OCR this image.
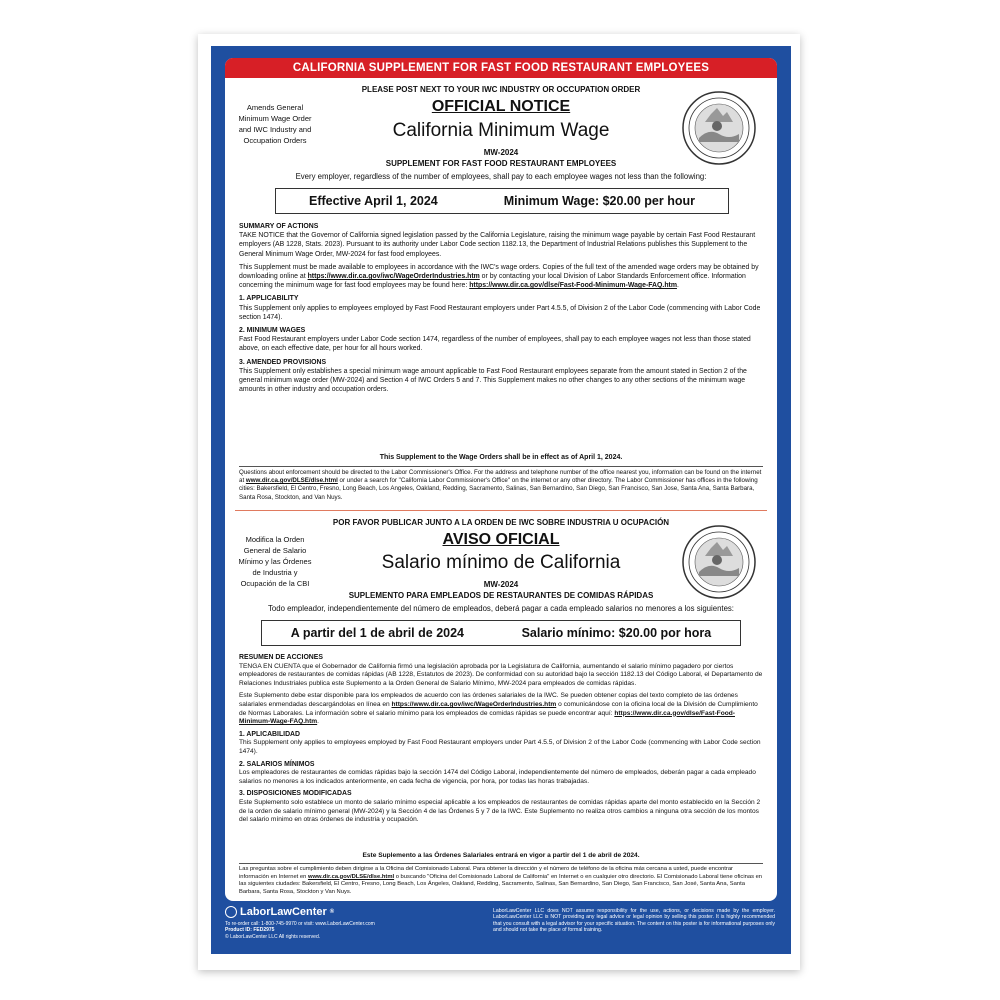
CALIFORNIA SUPPLEMENT FOR FAST FOOD RESTAURANT EMPLOYEES
PLEASE POST NEXT TO YOUR IWC INDUSTRY OR OCCUPATION ORDER
Amends General Minimum Wage Order and IWC Industry and Occupation Orders
OFFICIAL NOTICE
California Minimum Wage
MW-2024
SUPPLEMENT FOR FAST FOOD RESTAURANT EMPLOYEES
Every employer, regardless of the number of employees, shall pay to each employee wages not less than the following:
Effective April 1, 2024	Minimum Wage: $20.00 per hour
SUMMARY OF ACTIONS

TAKE NOTICE that the Governor of California signed legislation passed by the California Legislature, raising the minimum wage payable by certain Fast Food Restaurant employers (AB 1228, Stats. 2023). Pursuant to its authority under Labor Code section 1182.13, the Department of Industrial Relations publishes this Supplement to the General Minimum Wage Order, MW-2024 for fast food employees.

This Supplement must be made available to employees in accordance with the IWC's wage orders. Copies of the full text of the amended wage orders may be obtained by downloading online at https://www.dir.ca.gov/iwc/WageOrderIndustries.htm or by contacting your local Division of Labor Standards Enforcement office. Information concerning the minimum wage for fast food employees may be found here: https://www.dir.ca.gov/dlse/Fast-Food-Minimum-Wage-FAQ.htm.

1. APPLICABILITY

This Supplement only applies to employees employed by Fast Food Restaurant employers under Part 4.5.5, of Division 2 of the Labor Code (commencing with Labor Code section 1474).

2. MINIMUM WAGES

Fast Food Restaurant employers under Labor Code section 1474, regardless of the number of employees, shall pay to each employee wages not less than those stated above, on each effective date, per hour for all hours worked.

3. AMENDED PROVISIONS

This Supplement only establishes a special minimum wage amount applicable to Fast Food Restaurant employees separate from the amount stated in Section 2 of the general minimum wage order (MW-2024) and Section 4 of IWC Orders 5 and 7. This Supplement makes no other changes to any other sections of the minimum wage amounts in other industry and occupation orders.

This Supplement to the Wage Orders shall be in effect as of April 1, 2024.
Questions about enforcement should be directed to the Labor Commissioner's Office. For the address and telephone number of the office nearest you, information can be found on the internet at www.dir.ca.gov/DLSE/dlse.html or under a search for "California Labor Commissioner's Office" on the internet or any other directory. The Labor Commissioner has offices in the following cities: Bakersfield, El Centro, Fresno, Long Beach, Los Angeles, Oakland, Redding, Sacramento, Salinas, San Bernardino, San Diego, San Francisco, San Jose, Santa Ana, Santa Barbara, Santa Rosa, Stockton, and Van Nuys.
POR FAVOR PUBLICAR JUNTO A LA ORDEN DE IWC SOBRE INDUSTRIA U OCUPACIÓN
Modifica la Orden General de Salario Mínimo y las Órdenes de Industria y Ocupación de la CBI
AVISO OFICIAL
Salario mínimo de California
MW-2024
SUPLEMENTO PARA EMPLEADOS DE RESTAURANTES DE COMIDAS RÁPIDAS
Todo empleador, independientemente del número de empleados, deberá pagar a cada empleado salarios no menores a los siguientes:
A partir del 1 de abril de 2024	Salario mínimo: $20.00 por hora
RESUMEN DE ACCIONES

TENGA EN CUENTA que el Gobernador de California firmó una legislación aprobada por la Legislatura de California, aumentando el salario mínimo pagadero por ciertos empleadores de restaurantes de comidas rápidas (AB 1228, Estatutos de 2023). De conformidad con su autoridad bajo la sección 1182.13 del Código Laboral, el Departamento de Relaciones Industriales publica este Suplemento a la Orden General de Salario Mínimo, MW-2024 para empleados de comidas rápidas.

Este Suplemento debe estar disponible para los empleados de acuerdo con las órdenes salariales de la IWC. Se pueden obtener copias del texto completo de las órdenes salariales enmendadas descargándolas en línea en https://www.dir.ca.gov/iwc/WageOrderIndustries.htm o comunicándose con la oficina local de la División de Cumplimiento de Normas Laborales. La información sobre el salario mínimo para los empleados de comidas rápidas se puede encontrar aquí: https://www.dir.ca.gov/dlse/Fast-Food-Minimum-Wage-FAQ.htm.

1. APLICABILIDAD

This Supplement only applies to employees employed by Fast Food Restaurant employers under Part 4.5.5, of Division 2 of the Labor Code (commencing with Labor Code section 1474).

2. SALARIOS MÍNIMOS

Los empleadores de restaurantes de comidas rápidas bajo la sección 1474 del Código Laboral, independientemente del número de empleados, deberán pagar a cada empleado salarios no menores a los indicados anteriormente, en cada fecha de vigencia, por hora, por todas las horas trabajadas.

3. DISPOSICIONES MODIFICADAS

Este Suplemento solo establece un monto de salario mínimo especial aplicable a los empleados de restaurantes de comidas rápidas aparte del monto establecido en la Sección 2 de la orden de salario mínimo general (MW-2024) y la Sección 4 de las Órdenes 5 y 7 de la IWC. Este Suplemento no realiza otros cambios a ninguna otra sección de los montos del salario mínimo en otras órdenes de industria y ocupación.

Este Suplemento a las Órdenes Salariales entrará en vigor a partir del 1 de abril de 2024.
Las preguntas sobre el cumplimiento deben dirigirse a la Oficina del Comisionado Laboral. Para obtener la dirección y el número de teléfono de la oficina más cercana a usted, puede encontrar información en Internet en www.dir.ca.gov/DLSE/dlse.html o buscando "Oficina del Comisionado Laboral de California" en Internet o en cualquier otro directorio. El Comisionado Laboral tiene oficinas en las siguientes ciudades: Bakersfield, El Centro, Fresno, Long Beach, Los Ángeles, Oakland, Redding, Sacramento, Salinas, San Bernardino, San Diego, San Francisco, San José, Santa Ana, Santa Barbara, Santa Rosa, Stockton y Van Nuys.
LaborLawCenter ®
To re-order call: 1-800-745-9970 or visit: www.LaborLawCenter.com
Product ID: FED2975
© LaborLawCenter LLC All rights reserved.
LaborLawCenter LLC does NOT assume responsibility for the use, actions, or decisions made by the employer. LaborLawCenter LLC is NOT providing any legal advice or legal opinion by selling this poster. It is highly recommended that you consult with a legal advisor for your specific situation. The content on this poster is for informational purposes only and should not take the place of formal training.
